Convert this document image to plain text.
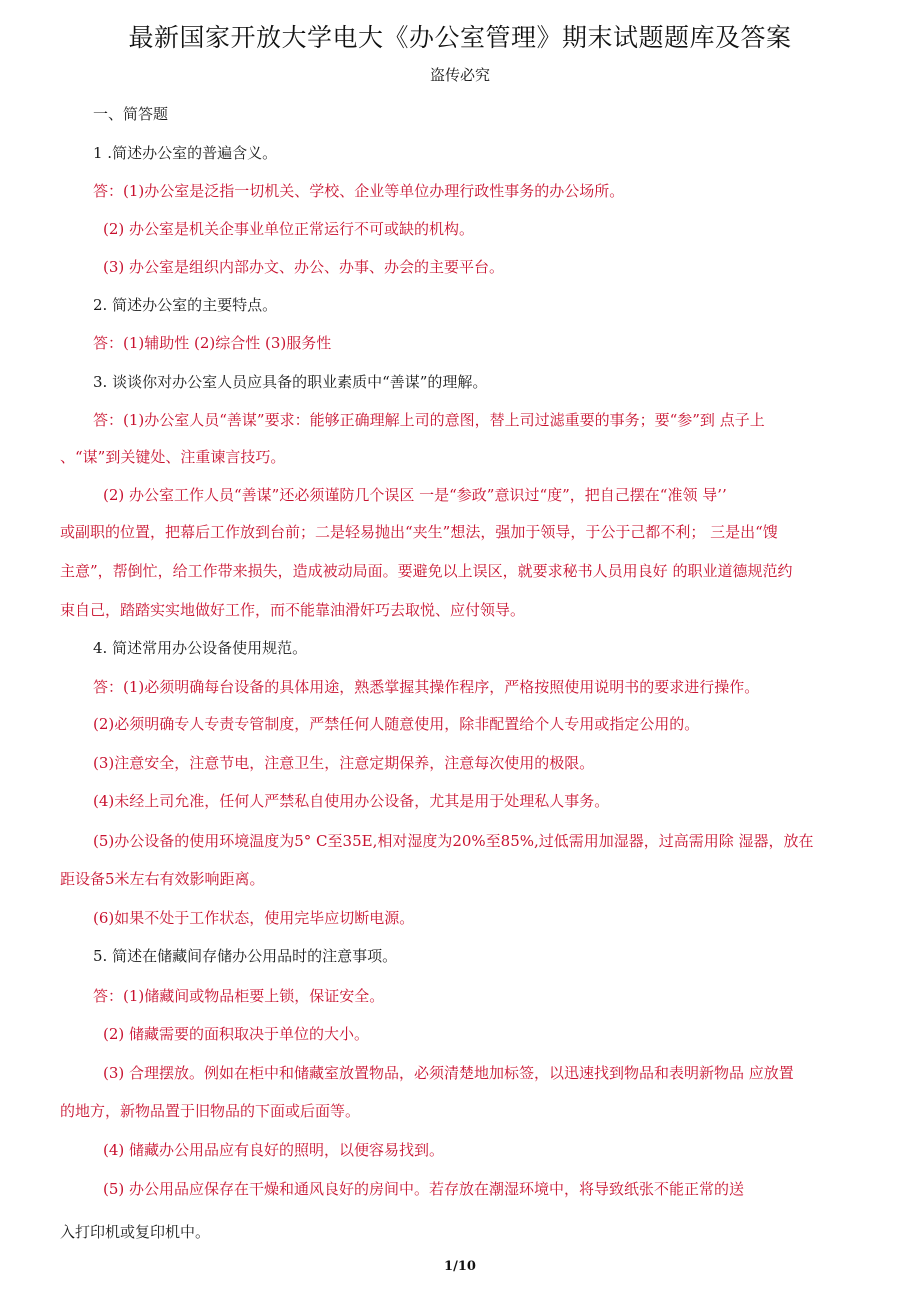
最新国家开放大学电大《办公室管理》期末试题题库及答案
盗传必究
一、简答题
1 .简述办公室的普遍含义。
答：(1)办公室是泛指一切机关、学校、企业等单位办理行政性事务的办公场所。
(2) 办公室是机关企事业单位正常运行不可或缺的机构。
(3) 办公室是组织内部办文、办公、办事、办会的主要平台。
2. 简述办公室的主要特点。
答：(1)辅助性 (2)综合性 (3)服务性
3. 谈谈你对办公室人员应具备的职业素质中“善谋”的理解。
答：(1)办公室人员“善谋”要求：能够正确理解上司的意图，替上司过滤重要的事务；要“参”到 点子上
、“谋”到关键处、注重谏言技巧。
(2) 办公室工作人员“善谋”还必须谨防几个误区 一是“参政”意识过“度”，把自己摆在“准领 导’’
或副职的位置，把幕后工作放到台前；二是轻易抛出“夹生”想法，强加于领导，于公于己都不利； 三是出“馊
主意”，帮倒忙，给工作带来损失，造成被动局面。要避免以上误区，就要求秘书人员用良好 的职业道德规范约
束自己，踏踏实实地做好工作，而不能靠油滑奸巧去取悦、应付领导。
4. 简述常用办公设备使用规范。
答：(1)必须明确每台设备的具体用途，熟悉掌握其操作程序，严格按照使用说明书的要求进行操作。
(2)必须明确专人专责专管制度，严禁任何人随意使用，除非配置给个人专用或指定公用的。
(3)注意安全，注意节电，注意卫生，注意定期保养，注意每次使用的极限。
(4)未经上司允准，任何人严禁私自使用办公设备，尤其是用于处理私人事务。
(5)办公设备的使用环境温度为5° C至35E,相对湿度为20%至85%,过低需用加湿器，过高需用除 湿器，放在
距设备5米左右有效影响距离。
(6)如果不处于工作状态，使用完毕应切断电源。
5. 简述在储藏间存储办公用品时的注意事项。
答：(1)储藏间或物品柜要上锁，保证安全。
(2) 储藏需要的面积取决于单位的大小。
(3) 合理摆放。例如在柜中和储藏室放置物品，必须清楚地加标签，以迅速找到物品和表明新物品 应放置
的地方，新物品置于旧物品的下面或后面等。
(4) 储藏办公用品应有良好的照明，以便容易找到。
(5) 办公用品应保存在干燥和通风良好的房间中。若存放在潮湿环境中，将导致纸张不能正常的送
入打印机或复印机中。
1/10
